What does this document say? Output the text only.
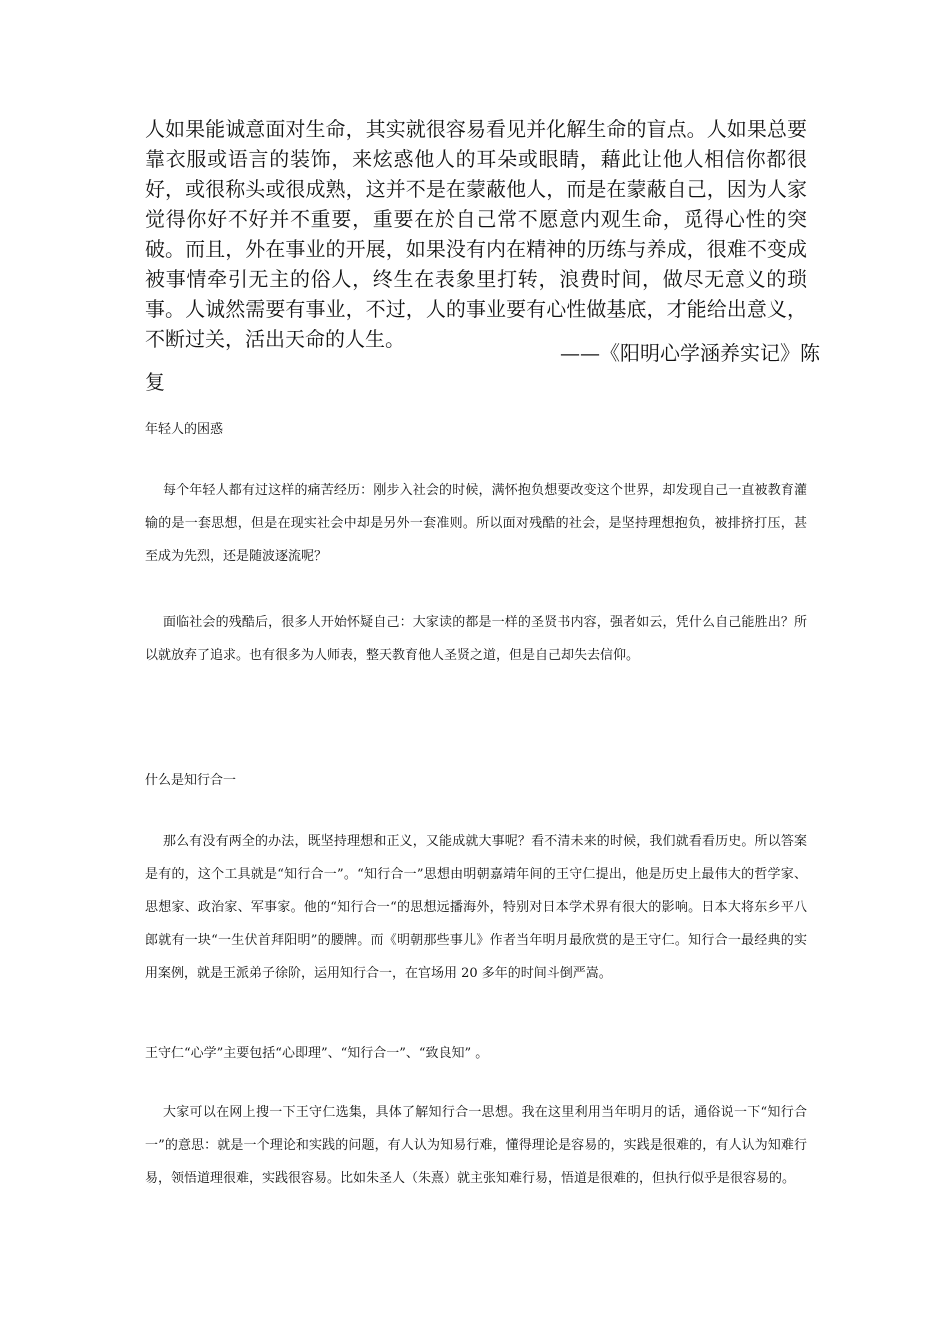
人如果能诚意面对生命，其实就很容易看见并化解生命的盲点。人如果总要靠衣服或语言的装饰，来炫惑他人的耳朵或眼睛，藉此让他人相信你都很好，或很称头或很成熟，这并不是在蒙蔽他人，而是在蒙蔽自己，因为人家觉得你好不好并不重要，重要在於自己常不愿意内观生命，觅得心性的突破。而且，外在事业的开展，如果没有内在精神的历练与养成，很难不变成被事情牵引无主的俗人，终生在表象里打转，浪费时间，做尽无意义的琐事。人诚然需要有事业，不过，人的事业要有心性做基底，才能给出意义，不断过关，活出天命的人生。

——《阳明心学涵养实记》陈
复
年轻人的困惑

每个年轻人都有过这样的痛苦经历：刚步入社会的时候，满怀抱负想要改变这个世界，却发现自己一直被教育灌输的是一套思想，但是在现实社会中却是另外一套准则。所以面对残酷的社会，是坚持理想抱负，被排挤打压，甚至成为先烈，还是随波逐流呢？

面临社会的残酷后，很多人开始怀疑自己：大家读的都是一样的圣贤书内容，强者如云，凭什么自己能胜出？所以就放弃了追求。也有很多为人师表，整天教育他人圣贤之道，但是自己却失去信仰。

什么是知行合一

那么有没有两全的办法，既坚持理想和正义，又能成就大事呢？看不清未来的时候，我们就看看历史。所以答案是有的，这个工具就是“知行合一”。“知行合一”思想由明朝嘉靖年间的王守仁提出，他是历史上最伟大的哲学家、思想家、政治家、军事家。他的“知行合一“的思想远播海外，特别对日本学术界有很大的影响。日本大将东乡平八郎就有一块“一生伏首拜阳明”的腰牌。而《明朝那些事儿》作者当年明月最欣赏的是王守仁。知行合一最经典的实用案例，就是王派弟子徐阶，运用知行合一，在官场用 20 多年的时间斗倒严嵩。

王守仁“心学”主要包括“心即理”、“知行合一”、“致良知” 。

大家可以在网上搜一下王守仁选集，具体了解知行合一思想。我在这里利用当年明月的话，通俗说一下“知行合一”的意思：就是一个理论和实践的问题，有人认为知易行难，懂得理论是容易的，实践是很难的，有人认为知难行易，领悟道理很难，实践很容易。比如朱圣人（朱熹）就主张知难行易，悟道是很难的，但执行似乎是很容易的。
